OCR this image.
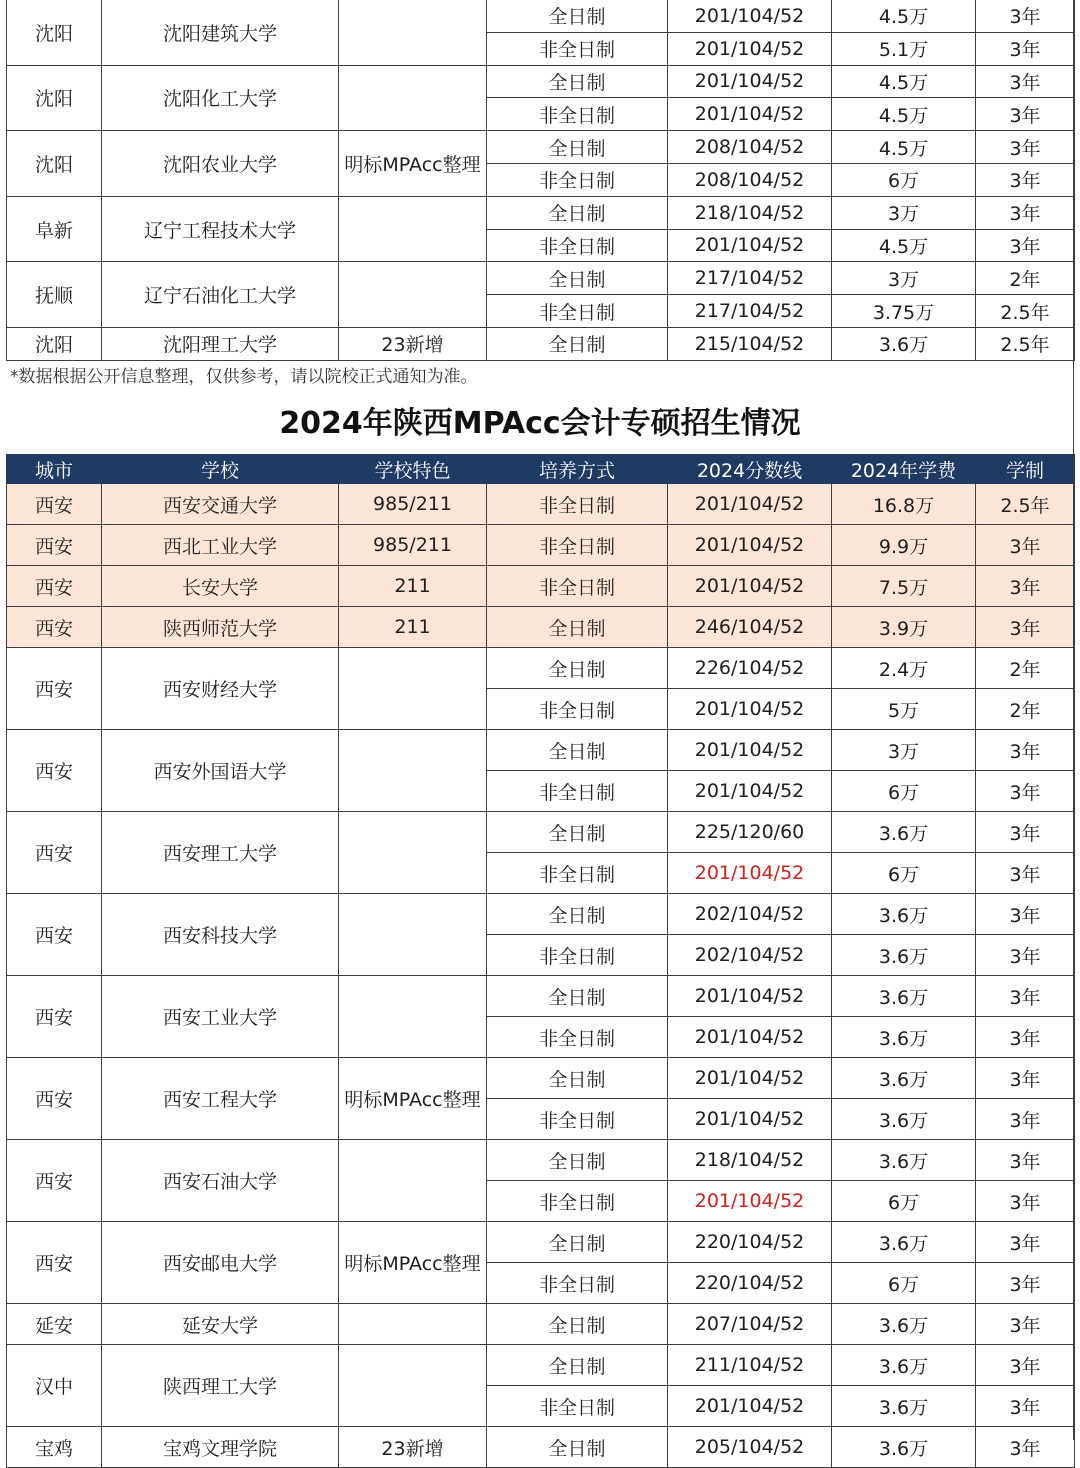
沈阳	沈阳建筑大学		全日制	201/104/52	4.5万	3年
			非全日制	201/104/52	5.1万	3年
沈阳	沈阳化工大学		全日制	201/104/52	4.5万	3年
			非全日制	201/104/52	4.5万	3年
沈阳	沈阳农业大学	明标MPAcc整理	全日制	208/104/52	4.5万	3年
			非全日制	208/104/52	6万	3年
阜新	辽宁工程技术大学		全日制	218/104/52	3万	3年
			非全日制	201/104/52	4.5万	3年
抚顺	辽宁石油化工大学		全日制	217/104/52	3万	2年
			非全日制	217/104/52	3.75万	2.5年
沈阳	沈阳理工大学	23新增	全日制	215/104/52	3.6万	2.5年
*数据根据公开信息整理，仅供参考，请以院校正式通知为准。
2024年陕西MPAcc会计专硕招生情况
城市	学校	学校特色	培养方式	2024分数线	2024年学费	学制
西安	西安交通大学	985/211	非全日制	201/104/52	16.8万	2.5年
西安	西北工业大学	985/211	非全日制	201/104/52	9.9万	3年
西安	长安大学	211	非全日制	201/104/52	7.5万	3年
西安	陕西师范大学	211	全日制	246/104/52	3.9万	3年
西安	西安财经大学		全日制	226/104/52	2.4万	2年
			非全日制	201/104/52	5万	2年
西安	西安外国语大学		全日制	201/104/52	3万	3年
			非全日制	201/104/52	6万	3年
西安	西安理工大学		全日制	225/120/60	3.6万	3年
			非全日制	201/104/52	6万	3年
西安	西安科技大学		全日制	202/104/52	3.6万	3年
			非全日制	202/104/52	3.6万	3年
西安	西安工业大学		全日制	201/104/52	3.6万	3年
			非全日制	201/104/52	3.6万	3年
西安	西安工程大学	明标MPAcc整理	全日制	201/104/52	3.6万	3年
			非全日制	201/104/52	3.6万	3年
西安	西安石油大学		全日制	218/104/52	3.6万	3年
			非全日制	201/104/52	6万	3年
西安	西安邮电大学	明标MPAcc整理	全日制	220/104/52	3.6万	3年
			非全日制	220/104/52	6万	3年
延安	延安大学		全日制	207/104/52	3.6万	3年
汉中	陕西理工大学		全日制	211/104/52	3.6万	3年
			非全日制	201/104/52	3.6万	3年
宝鸡	宝鸡文理学院	23新增	全日制	205/104/52	3.6万	3年
